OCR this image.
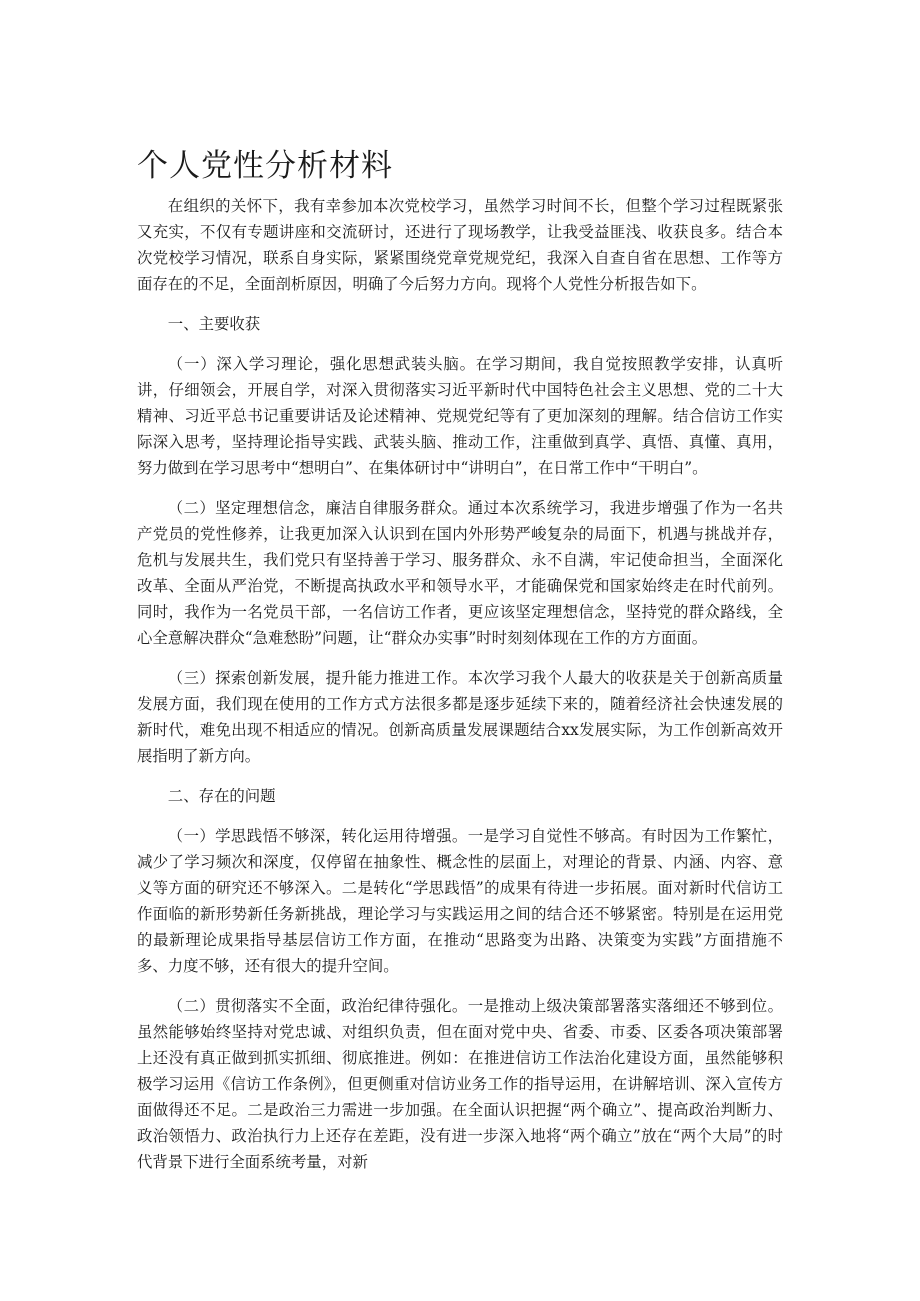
个人党性分析材料

在组织的关怀下，我有幸参加本次党校学习，虽然学习时间不长，但整个学习过程既紧张又充实，不仅有专题讲座和交流研讨，还进行了现场教学，让我受益匪浅、收获良多。结合本次党校学习情况，联系自身实际，紧紧围绕党章党规党纪，我深入自查自省在思想、工作等方面存在的不足，全面剖析原因，明确了今后努力方向。现将个人党性分析报告如下。

一、主要收获

（一）深入学习理论，强化思想武装头脑。在学习期间，我自觉按照教学安排，认真听讲，仔细领会，开展自学，对深入贯彻落实习近平新时代中国特色社会主义思想、党的二十大精神、习近平总书记重要讲话及论述精神、党规党纪等有了更加深刻的理解。结合信访工作实际深入思考，坚持理论指导实践、武装头脑、推动工作，注重做到真学、真悟、真懂、真用，努力做到在学习思考中“想明白”、在集体研讨中“讲明白”，在日常工作中“干明白”。

（二）坚定理想信念，廉洁自律服务群众。通过本次系统学习，我进步增强了作为一名共产党员的党性修养，让我更加深入认识到在国内外形势严峻复杂的局面下，机遇与挑战并存，危机与发展共生，我们党只有坚持善于学习、服务群众、永不自满，牢记使命担当，全面深化改革、全面从严治党，不断提高执政水平和领导水平，才能确保党和国家始终走在时代前列。同时，我作为一名党员干部，一名信访工作者，更应该坚定理想信念，坚持党的群众路线，全心全意解决群众“急难愁盼”问题，让“群众办实事”时时刻刻体现在工作的方方面面。

（三）探索创新发展，提升能力推进工作。本次学习我个人最大的收获是关于创新高质量发展方面，我们现在使用的工作方式方法很多都是逐步延续下来的，随着经济社会快速发展的新时代，难免出现不相适应的情况。创新高质量发展课题结合xx发展实际，为工作创新高效开展指明了新方向。

二、存在的问题

（一）学思践悟不够深，转化运用待增强。一是学习自觉性不够高。有时因为工作繁忙，减少了学习频次和深度，仅停留在抽象性、概念性的层面上，对理论的背景、内涵、内容、意义等方面的研究还不够深入。二是转化“学思践悟”的成果有待进一步拓展。面对新时代信访工作面临的新形势新任务新挑战，理论学习与实践运用之间的结合还不够紧密。特别是在运用党的最新理论成果指导基层信访工作方面，在推动“思路变为出路、决策变为实践”方面措施不多、力度不够，还有很大的提升空间。

（二）贯彻落实不全面，政治纪律待强化。一是推动上级决策部署落实落细还不够到位。虽然能够始终坚持对党忠诚、对组织负责，但在面对党中央、省委、市委、区委各项决策部署上还没有真正做到抓实抓细、彻底推进。例如：在推进信访工作法治化建设方面，虽然能够积极学习运用《信访工作条例》，但更侧重对信访业务工作的指导运用，在讲解培训、深入宣传方面做得还不足。二是政治三力需进一步加强。在全面认识把握“两个确立”、提高政治判断力、政治领悟力、政治执行力上还存在差距，没有进一步深入地将“两个确立”放在“两个大局”的时代背景下进行全面系统考量，对新
